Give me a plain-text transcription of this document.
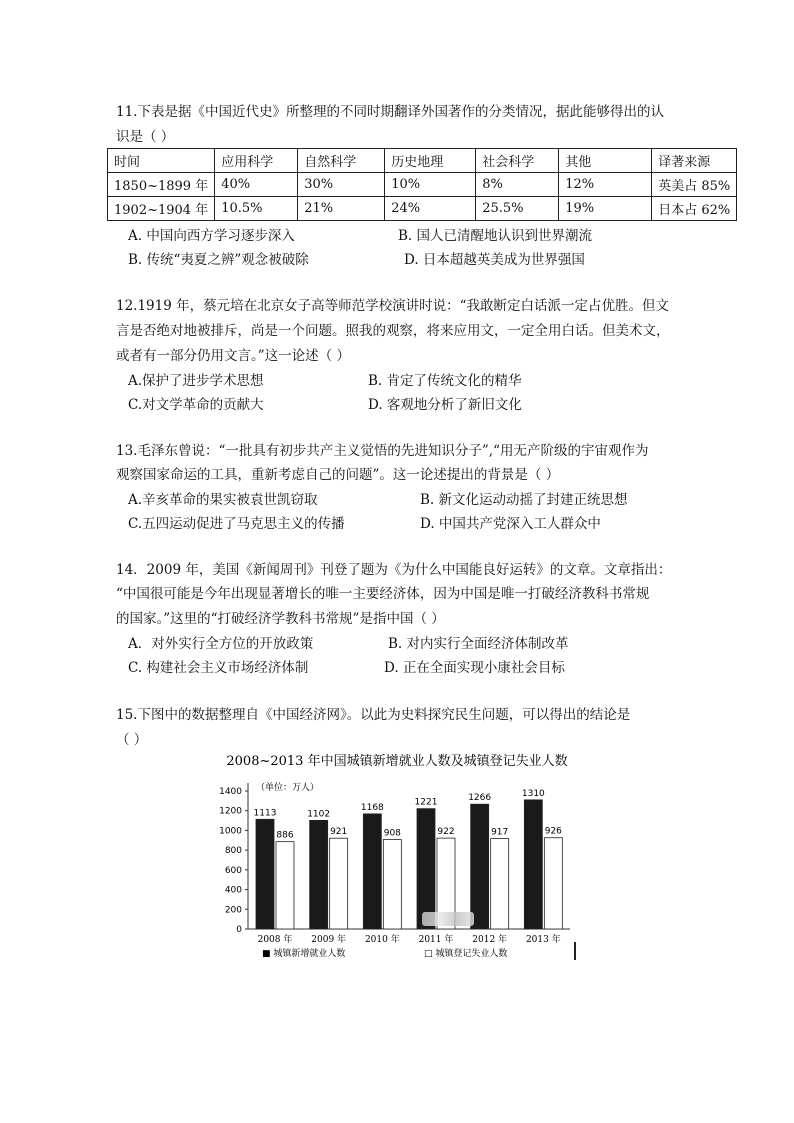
11.下表是据《中国近代史》所整理的不同时期翻译外国著作的分类情况，据此能够得出的认
识是（ ）
时间	应用科学	自然科学	历史地理	社会科学	其他	译著来源
1850~1899 年	40%	30%	10%	8%	12%	英美占 85%
1902~1904 年	10.5%	21%	24%	25.5%	19%	日本占 62%
A. 中国向西方学习逐步深入	B. 国人已清醒地认识到世界潮流
B. 传统“夷夏之辨”观念被破除	D. 日本超越英美成为世界强国
12.1919 年，蔡元培在北京女子高等师范学校演讲时说：“我敢断定白话派一定占优胜。但文
言是否绝对地被排斥，尚是一个问题。照我的观察，将来应用文，一定全用白话。但美术文，
或者有一部分仍用文言。”这一论述（ ）
A.保护了进步学术思想	B. 肯定了传统文化的精华
C.对文学革命的贡献大	D. 客观地分析了新旧文化
13.毛泽东曾说：“一批具有初步共产主义觉悟的先进知识分子”,“用无产阶级的宇宙观作为
观察国家命运的工具，重新考虑自己的问题”。这一论述提出的背景是（ ）
A.辛亥革命的果实被袁世凯窃取	B. 新文化运动动摇了封建正统思想
C.五四运动促进了马克思主义的传播	D. 中国共产党深入工人群众中
14．2009 年，美国《新闻周刊》刊登了题为《为什么中国能良好运转》的文章。文章指出：
“中国很可能是今年出现显著增长的唯一主要经济体，因为中国是唯一打破经济教科书常规
的国家。”这里的“打破经济学教科书常规”是指中国（ ）
A．对外实行全方位的开放政策	B. 对内实行全面经济体制改革
C. 构建社会主义市场经济体制	D. 正在全面实现小康社会目标
15.下图中的数据整理自《中国经济网》。以此为史料探究民生问题，可以得出的结论是
（ ）
2008~2013 年中国城镇新增就业人数及城镇登记失业人数
（单位：万人）
1400
1200
1000
800
600
400
200
0
1113
886
2008 年
1102
921
2009 年
1168
908
2010 年
1221
922
2011 年
1266
917
2012 年
1310
926
2013 年
■ 城镇新增就业人数	□ 城镇登记失业人数
